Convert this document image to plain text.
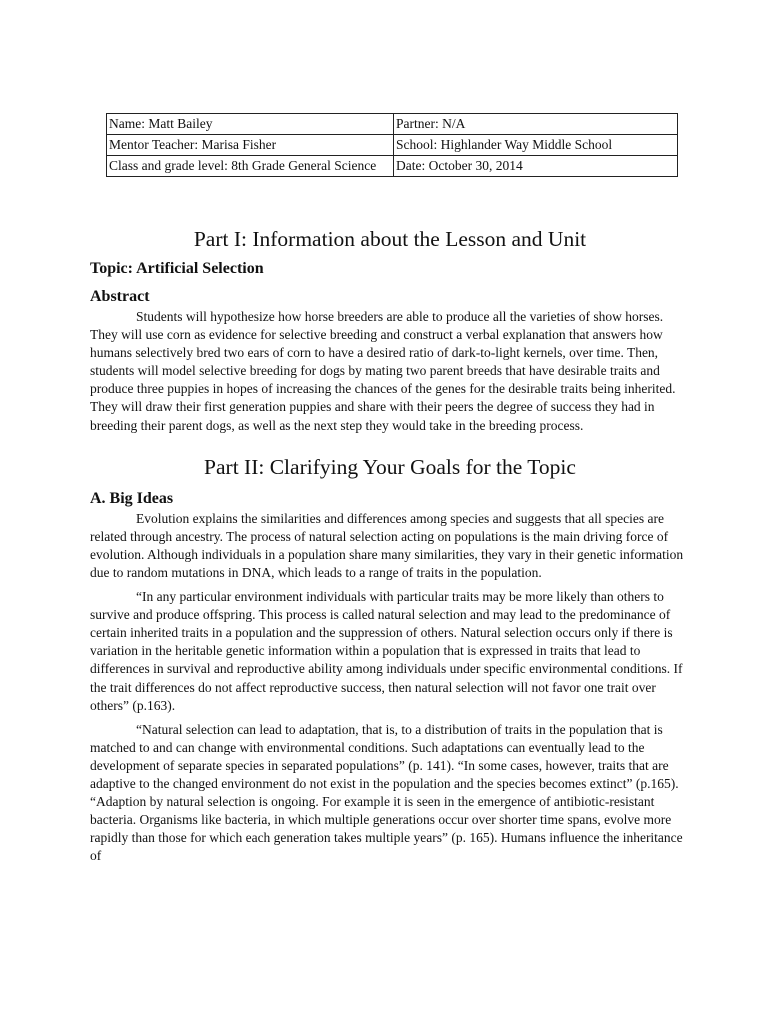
Name: Matt Bailey	Partner: N/A
Mentor Teacher: Marisa Fisher	School: Highlander Way Middle School
Class and grade level: 8th Grade General Science	Date: October 30, 2014
Part I: Information about the Lesson and Unit
Topic: Artificial Selection
Abstract

Students will hypothesize how horse breeders are able to produce all the varieties of show horses. They will use corn as evidence for selective breeding and construct a verbal explanation that answers how humans selectively bred two ears of corn to have a desired ratio of dark-to-light kernels, over time. Then, students will model selective breeding for dogs by mating two parent breeds that have desirable traits and produce three puppies in hopes of increasing the chances of the genes for the desirable traits being inherited. They will draw their first generation puppies and share with their peers the degree of success they had in breeding their parent dogs, as well as the next step they would take in the breeding process.

Part II: Clarifying Your Goals for the Topic
A. Big Ideas

Evolution explains the similarities and differences among species and suggests that all species are related through ancestry. The process of natural selection acting on populations is the main driving force of evolution. Although individuals in a population share many similarities, they vary in their genetic information due to random mutations in DNA, which leads to a range of traits in the population.

“In any particular environment individuals with particular traits may be more likely than others to survive and produce offspring. This process is called natural selection and may lead to the predominance of certain inherited traits in a population and the suppression of others. Natural selection occurs only if there is variation in the heritable genetic information within a population that is expressed in traits that lead to differences in survival and reproductive ability among individuals under specific environmental conditions. If the trait differences do not affect reproductive success, then natural selection will not favor one trait over others” (p.163).

“Natural selection can lead to adaptation, that is, to a distribution of traits in the population that is matched to and can change with environmental conditions. Such adaptations can eventually lead to the development of separate species in separated populations” (p. 141). “In some cases, however, traits that are adaptive to the changed environment do not exist in the population and the species becomes extinct” (p.165). “Adaption by natural selection is ongoing. For example it is seen in the emergence of antibiotic-resistant bacteria. Organisms like bacteria, in which multiple generations occur over shorter time spans, evolve more rapidly than those for which each generation takes multiple years” (p. 165). Humans influence the inheritance of
